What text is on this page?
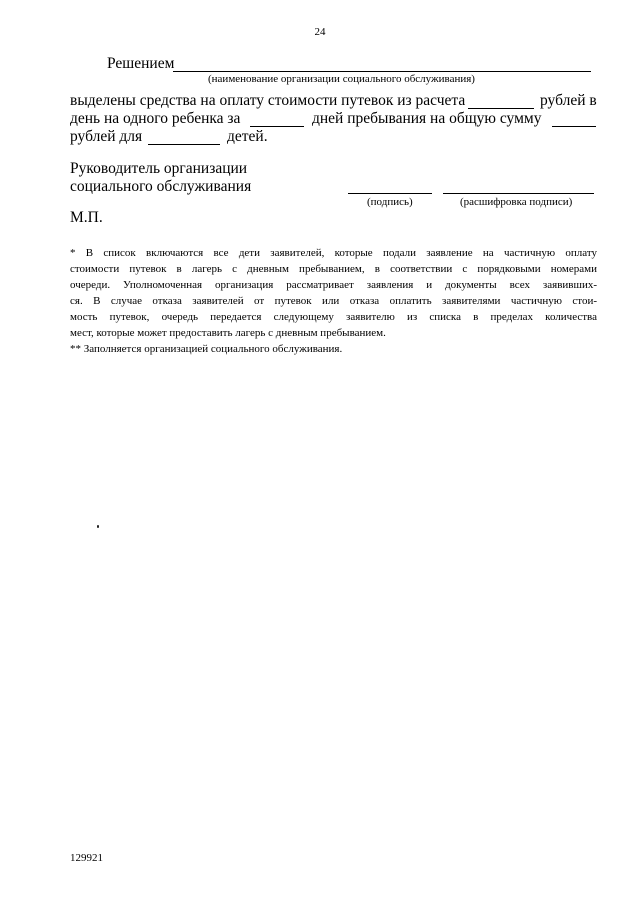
24
Решением
(наименование организации социального обслуживания)
выделены средства на оплату стоимости путевок из расчета	рублей в
день на одного ребенка за	дней пребывания на общую сумму
рублей для	детей.
Руководитель организации
социального обслуживания
(подпись)	(расшифровка подписи)
М.П.
* В список включаются все дети заявителей, которые подали заявление на частичную оплату
стоимости путевок в лагерь с дневным пребыванием, в соответствии с порядковыми номерами
очереди. Уполномоченная организация рассматривает заявления и документы всех заявивших-
ся. В случае отказа заявителей от путевок или отказа оплатить заявителями частичную стои-
мость путевок, очередь передается следующему заявителю из списка в пределах количества
мест, которые может предоставить лагерь с дневным пребыванием.
** Заполняется организацией социального обслуживания.
129921
